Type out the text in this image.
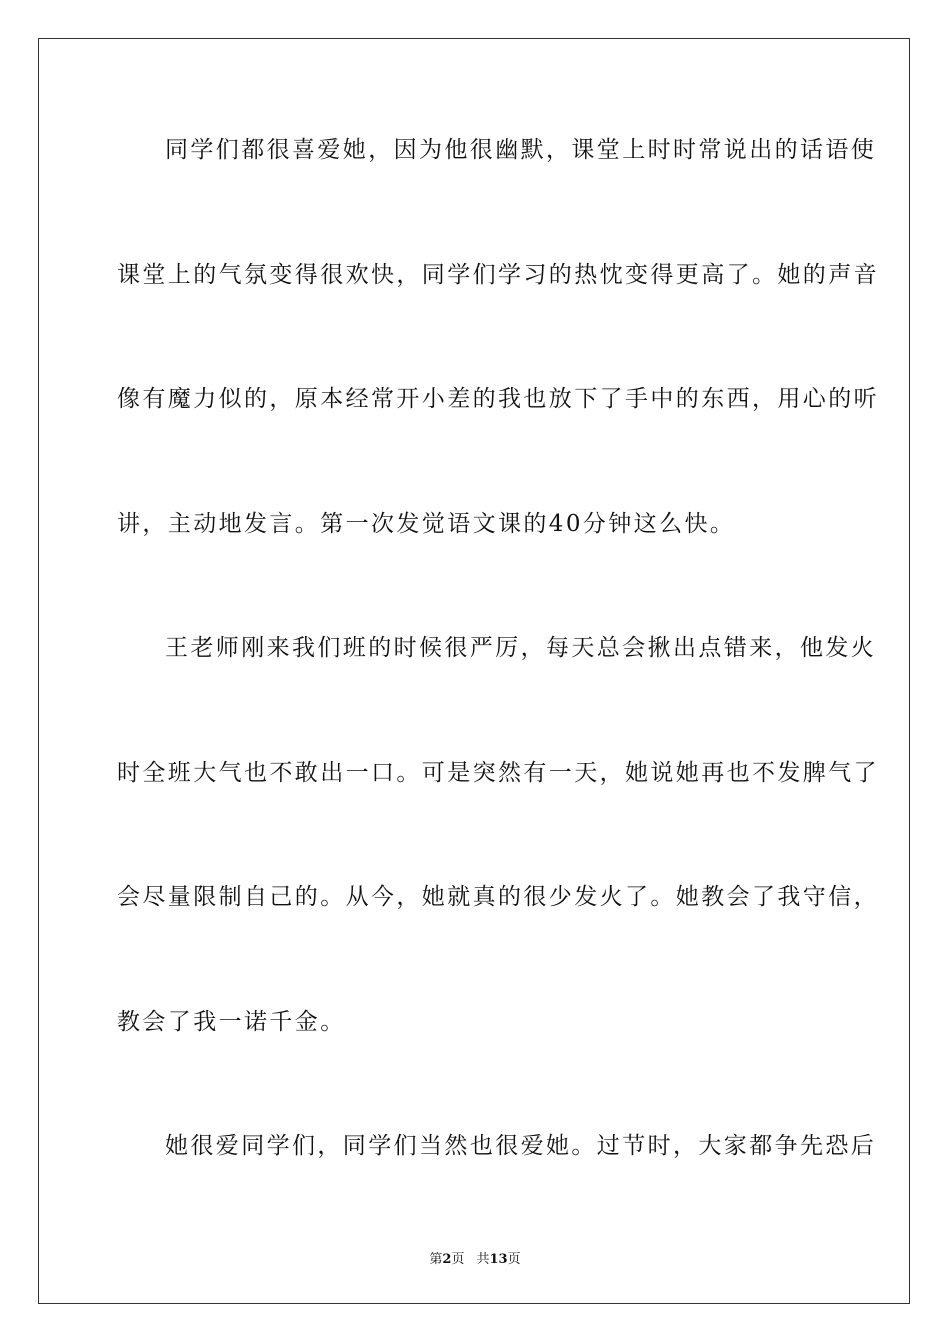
同学们都很喜爱她，因为他很幽默，课堂上时时常说出的话语使
课堂上的气氛变得很欢快，同学们学习的热忱变得更高了。她的声音
像有魔力似的，原本经常开小差的我也放下了手中的东西，用心的听
讲，主动地发言。第一次发觉语文课的40分钟这么快。
王老师刚来我们班的时候很严厉，每天总会揪出点错来，他发火
时全班大气也不敢出一口。可是突然有一天，她说她再也不发脾气了
会尽量限制自己的。从今，她就真的很少发火了。她教会了我守信，
教会了我一诺千金。
她很爱同学们，同学们当然也很爱她。过节时，大家都争先恐后
第2页 共13页
